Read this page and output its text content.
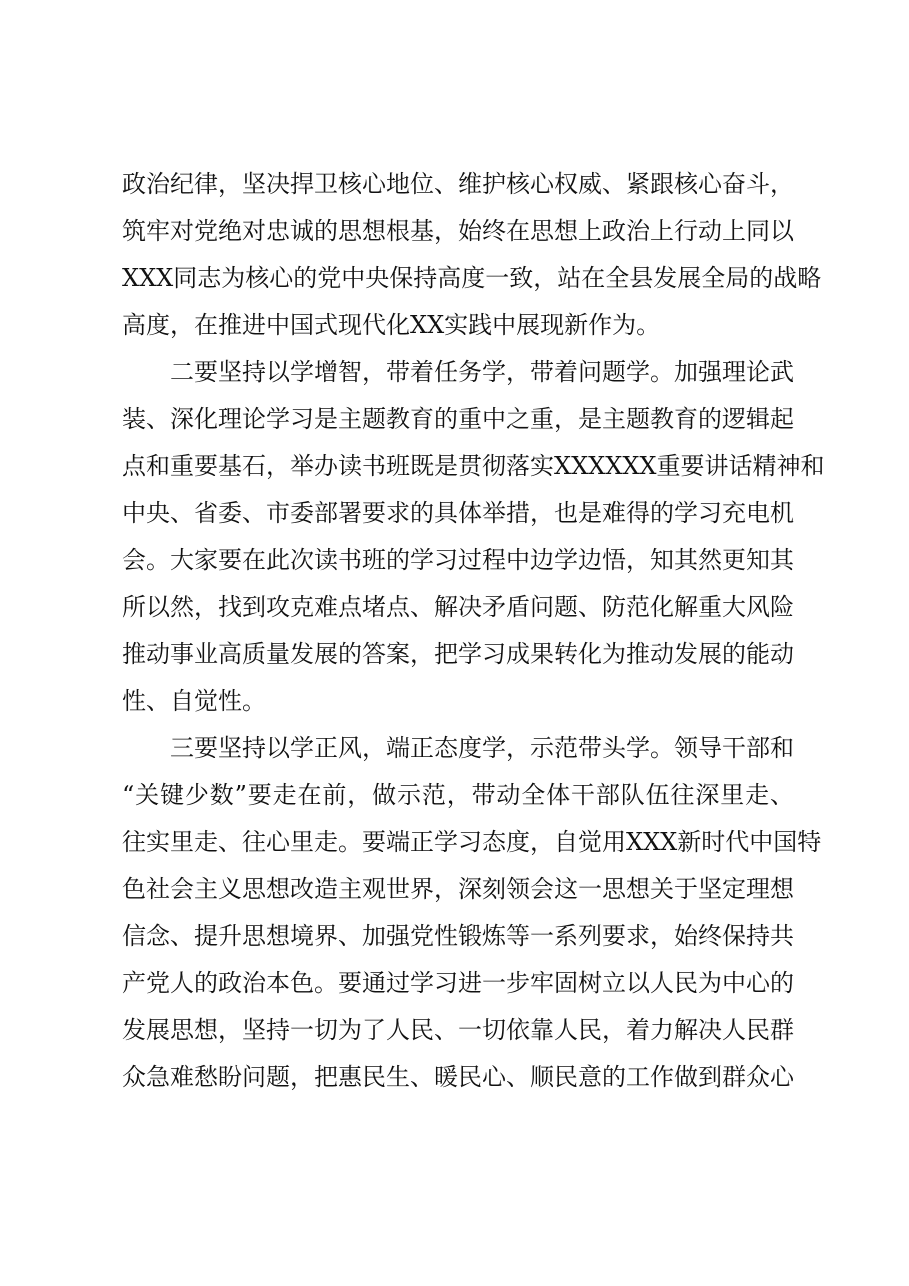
政治纪律，坚决捍卫核心地位、维护核心权威、紧跟核心奋斗，
筑牢对党绝对忠诚的思想根基，始终在思想上政治上行动上同以
XXX同志为核心的党中央保持高度一致，站在全县发展全局的战略
高度，在推进中国式现代化XX实践中展现新作为。
二要坚持以学增智，带着任务学，带着问题学。加强理论武
装、深化理论学习是主题教育的重中之重，是主题教育的逻辑起
点和重要基石，举办读书班既是贯彻落实XXXXXX重要讲话精神和
中央、省委、市委部署要求的具体举措，也是难得的学习充电机
会。大家要在此次读书班的学习过程中边学边悟，知其然更知其
所以然，找到攻克难点堵点、解决矛盾问题、防范化解重大风险
推动事业高质量发展的答案，把学习成果转化为推动发展的能动
性、自觉性。
三要坚持以学正风，端正态度学，示范带头学。领导干部和
“关键少数”要走在前，做示范，带动全体干部队伍往深里走、
往实里走、往心里走。要端正学习态度，自觉用XXX新时代中国特
色社会主义思想改造主观世界，深刻领会这一思想关于坚定理想
信念、提升思想境界、加强党性锻炼等一系列要求，始终保持共
产党人的政治本色。要通过学习进一步牢固树立以人民为中心的
发展思想，坚持一切为了人民、一切依靠人民，着力解决人民群
众急难愁盼问题，把惠民生、暖民心、顺民意的工作做到群众心
